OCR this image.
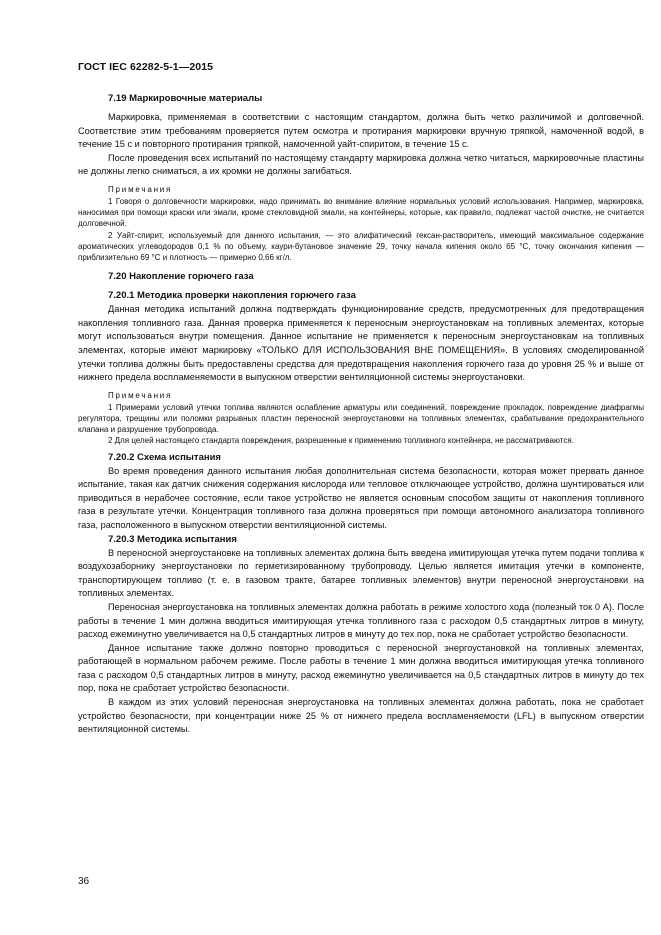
ГОСТ IEC 62282-5-1—2015
7.19 Маркировочные материалы

Маркировка, применяемая в соответствии с настоящим стандартом, должна быть четко различимой и долговечной. Соответствие этим требованиям проверяется путем осмотра и протирания маркировки вручную тряпкой, намоченной водой, в течение 15 с и повторного протирания тряпкой, намоченной уайт-спиритом, в течение 15 с.

После проведения всех испытаний по настоящему стандарту маркировка должна четко читаться, маркировочные пластины не должны легко сниматься, а их кромки не должны загибаться.

Примечания

1 Говоря о долговечности маркировки, надо принимать во внимание влияние нормальных условий использования. Например, маркировка, наносимая при помощи краски или эмали, кроме стекловидной эмали, на контейнеры, которые, как правило, подлежат частой очистке, не считается долговечной.

2 Уайт-спирит, используемый для данного испытания, — это алифатический гексан-растворитель, имеющий максимальное содержание ароматических углеводородов 0,1 % по объему, каури-бутановое значение 29, точку начала кипения около 65 °С, точку окончания кипения — приблизительно 69 °С и плотность — примерно 0,66 кг/л.

7.20 Накопление горючего газа
7.20.1 Методика проверки накопления горючего газа

Данная методика испытаний должна подтверждать функционирование средств, предусмотренных для предотвращения накопления топливного газа. Данная проверка применяется к переносным энергоустановкам на топливных элементах, которые могут использоваться внутри помещения. Данное испытание не применяется к переносным энергоустановкам на топливных элементах, которые имеют маркировку «ТОЛЬКО ДЛЯ ИСПОЛЬЗОВАНИЯ ВНЕ ПОМЕЩЕНИЯ». В условиях смоделированной утечки топлива должны быть предоставлены средства для предотвращения накопления горючего газа до уровня 25 % и выше от нижнего предела воспламеняемости в выпускном отверстии вентиляционной системы энергоустановки.

Примечания

1 Примерами условий утечки топлива являются ослабление арматуры или соединений, повреждение прокладок, повреждение диафрагмы регулятора, трещины или поломки разрывных пластин переносной энергоустановки на топливных элементах, срабатывание предохранительного клапана и разрушение трубопровода.

2 Для целей настоящего стандарта повреждения, разрешенные к применению топливного контейнера, не рассматриваются.

7.20.2 Схема испытания

Во время проведения данного испытания любая дополнительная система безопасности, которая может прервать данное испытание, такая как датчик снижения содержания кислорода или тепловое отключающее устройство, должна шунтироваться или приводиться в нерабочее состояние, если такое устройство не является основным способом защиты от накопления топливного газа в результате утечки. Концентрация топливного газа должна проверяться при помощи автономного анализатора топливного газа, расположенного в выпускном отверстии вентиляционной системы.

7.20.3 Методика испытания

В переносной энергоустановке на топливных элементах должна быть введена имитирующая утечка путем подачи топлива к воздухозаборнику энергоустановки по герметизированному трубопроводу. Целью является имитация утечки в компоненте, транспортирующем топливо (т. е. в газовом тракте, батарее топливных элементов) внутри переносной энергоустановки на топливных элементах.

Переносная энергоустановка на топливных элементах должна работать в режиме холостого хода (полезный ток 0 А). После работы в течение 1 мин должна вводиться имитирующая утечка топливного газа с расходом 0,5 стандартных литров в минуту, расход ежеминутно увеличивается на 0,5 стандартных литров в минуту до тех пор, пока не сработает устройство безопасности.

Данное испытание также должно повторно проводиться с переносной энергоустановкой на топливных элементах, работающей в нормальном рабочем режиме. После работы в течение 1 мин должна вводиться имитирующая утечка топливного газа с расходом 0,5 стандартных литров в минуту, расход ежеминутно увеличивается на 0,5 стандартных литров в минуту до тех пор, пока не сработает устройство безопасности.

В каждом из этих условий переносная энергоустановка на топливных элементах должна работать, пока не сработает устройство безопасности, при концентрации ниже 25 % от нижнего предела воспламеняемости (LFL) в выпускном отверстии вентиляционной системы.

36
